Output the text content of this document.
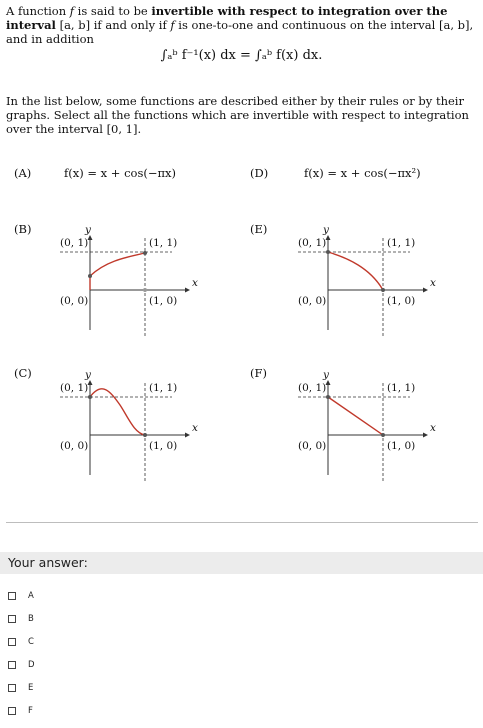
A function f is said to be invertible with respect to integration over the interval [a, b] if and only if f is one-to-one and continuous on the interval [a, b], and in addition
∫ₐᵇ f⁻¹(x) dx = ∫ₐᵇ f(x) dx.
In the list below, some functions are described either by their rules or by their graphs. Select all the functions which are invertible with respect to integration over the interval [0, 1].
(A)	f(x) = x + cos(−πx)	(D)	f(x) = x + cos(−πx²)
(B)	(E)
(C)	(F)
y
x
(0, 1)	(1, 1)
(0, 0)	(1, 0)
y
x
(0, 1)	(1, 1)
(0, 0)	(1, 0)
y
x
(0, 1)	(1, 1)
(0, 0)	(1, 0)
y
x
(0, 1)	(1, 1)
(0, 0)	(1, 0)
Your answer:
A
B
C
D
E
F
